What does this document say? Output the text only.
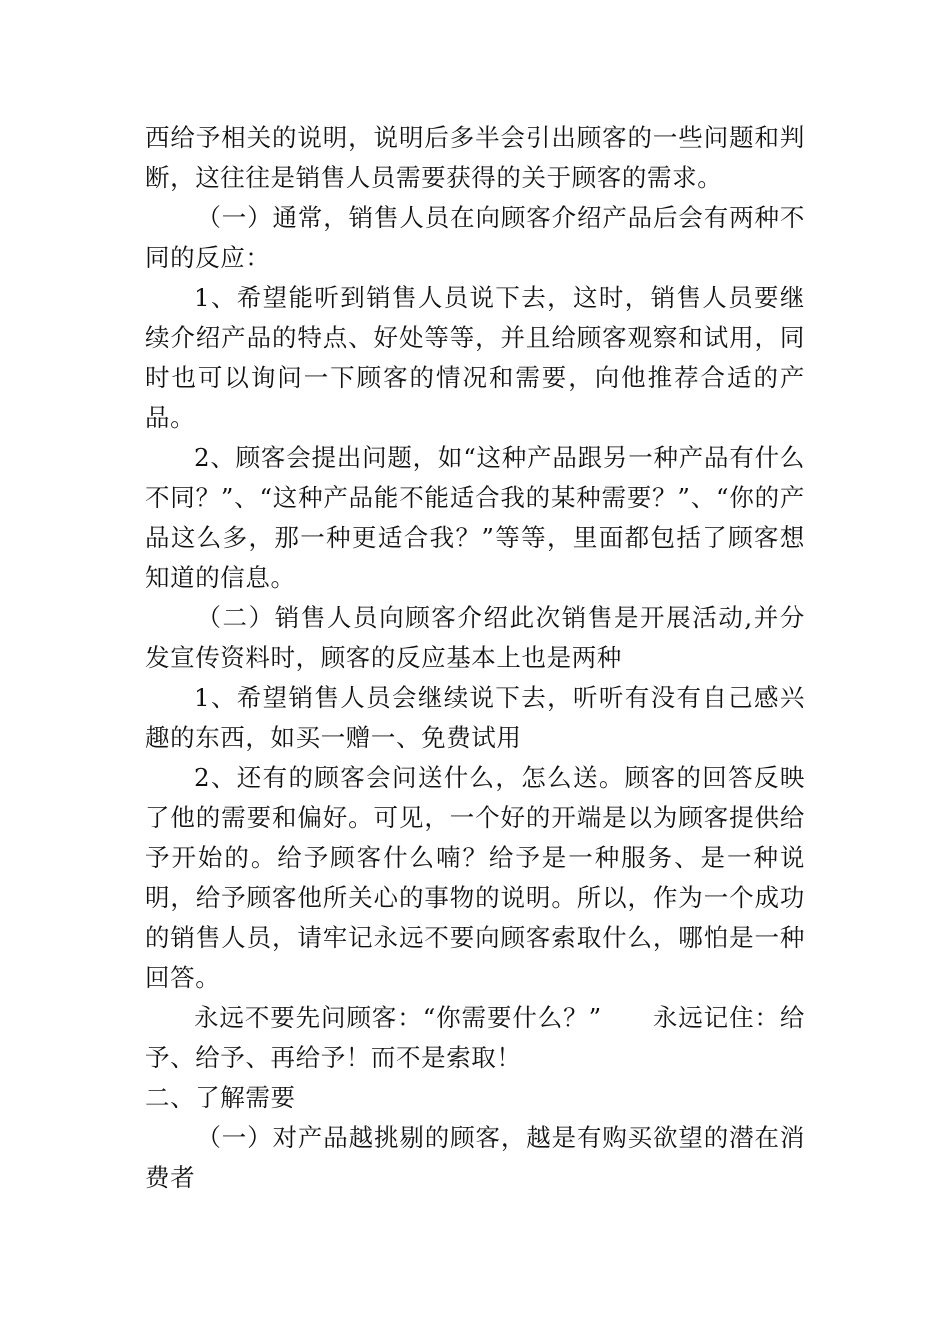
西给予相关的说明，说明后多半会引出顾客的一些问题和判断，这往往是销售人员需要获得的关于顾客的需求。

（一）通常，销售人员在向顾客介绍产品后会有两种不同的反应：

1、希望能听到销售人员说下去，这时，销售人员要继续介绍产品的特点、好处等等，并且给顾客观察和试用，同时也可以询问一下顾客的情况和需要，向他推荐合适的产品。

2、顾客会提出问题，如“这种产品跟另一种产品有什么不同？”、“这种产品能不能适合我的某种需要？”、“你的产品这么多，那一种更适合我？”等等，里面都包括了顾客想知道的信息。

（二）销售人员向顾客介绍此次销售是开展活动,并分发宣传资料时，顾客的反应基本上也是两种

1、希望销售人员会继续说下去，听听有没有自己感兴趣的东西，如买一赠一、免费试用

2、还有的顾客会问送什么，怎么送。顾客的回答反映了他的需要和偏好。可见，一个好的开端是以为顾客提供给予开始的。给予顾客什么喃？给予是一种服务、是一种说明，给予顾客他所关心的事物的说明。所以，作为一个成功的销售人员，请牢记永远不要向顾客索取什么，哪怕是一种回答。

永远不要先问顾客：“你需要什么？”　　永远记住：给予、给予、再给予！而不是索取！

二、了解需要

（一）对产品越挑剔的顾客，越是有购买欲望的潜在消费者
